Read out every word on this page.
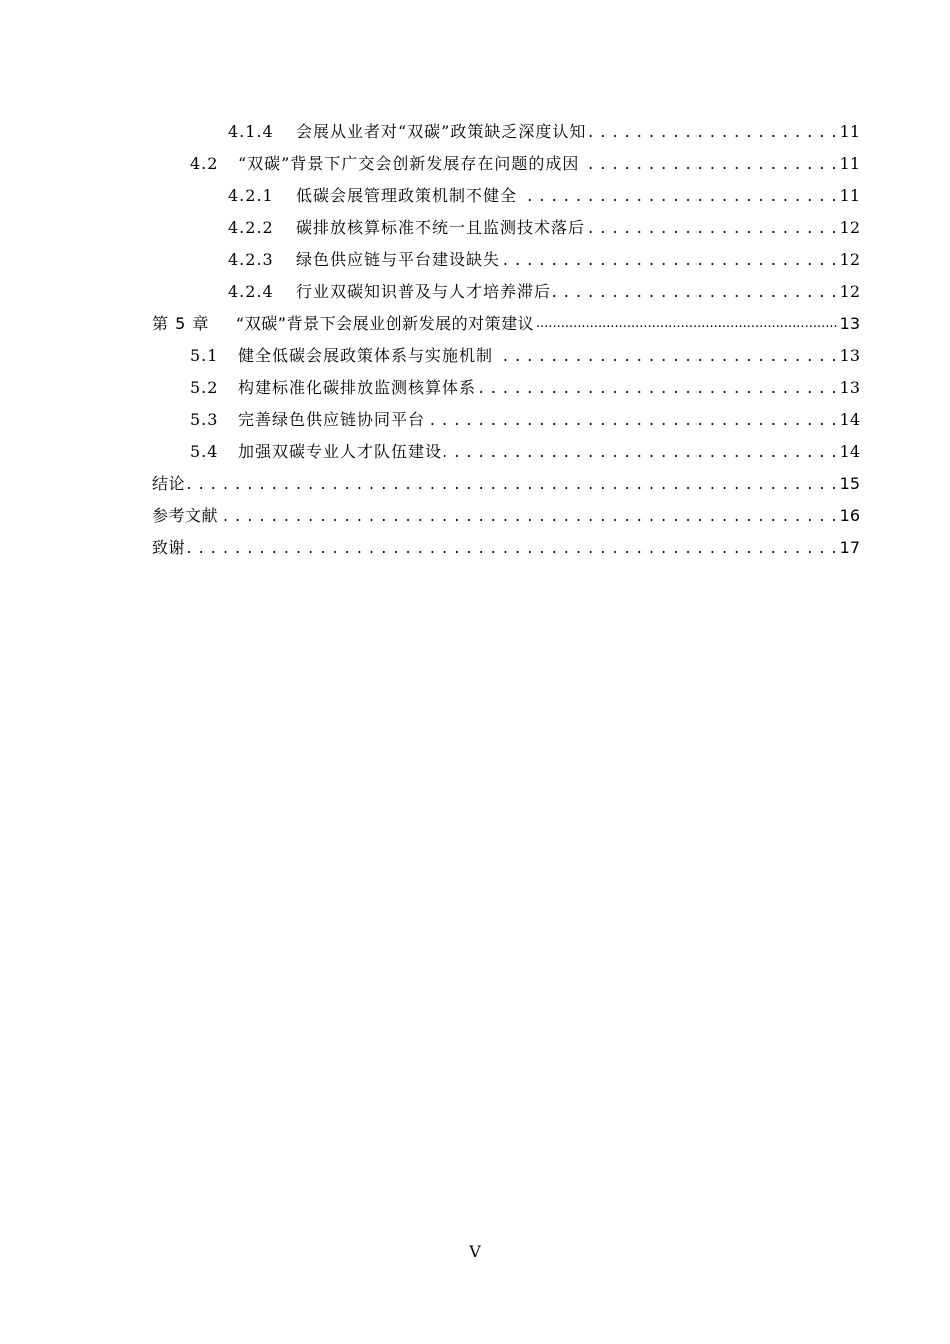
4.1.4	会展从业者对“双碳”政策缺乏深度认知 . . .	11
4.2	“双碳”背景下广交会创新发展存在问题的成因 . . .	11
4.2.1	低碳会展管理政策机制不健全 . . .	11
4.2.2	碳排放核算标准不统一且监测技术落后 . . .	12
4.2.3	绿色供应链与平台建设缺失 . . .	12
4.2.4	行业双碳知识普及与人才培养滞后 . . .	12
第 5 章	“双碳”背景下会展业创新发展的对策建议 .....	13
5.1	健全低碳会展政策体系与实施机制 . . .	13
5.2	构建标准化碳排放监测核算体系 . . .	13
5.3	完善绿色供应链协同平台 . . .	14
5.4	加强双碳专业人才队伍建设 . . .	14
结论 . . .	15
参考文献 . . .	16
致谢 . . .	17
V
